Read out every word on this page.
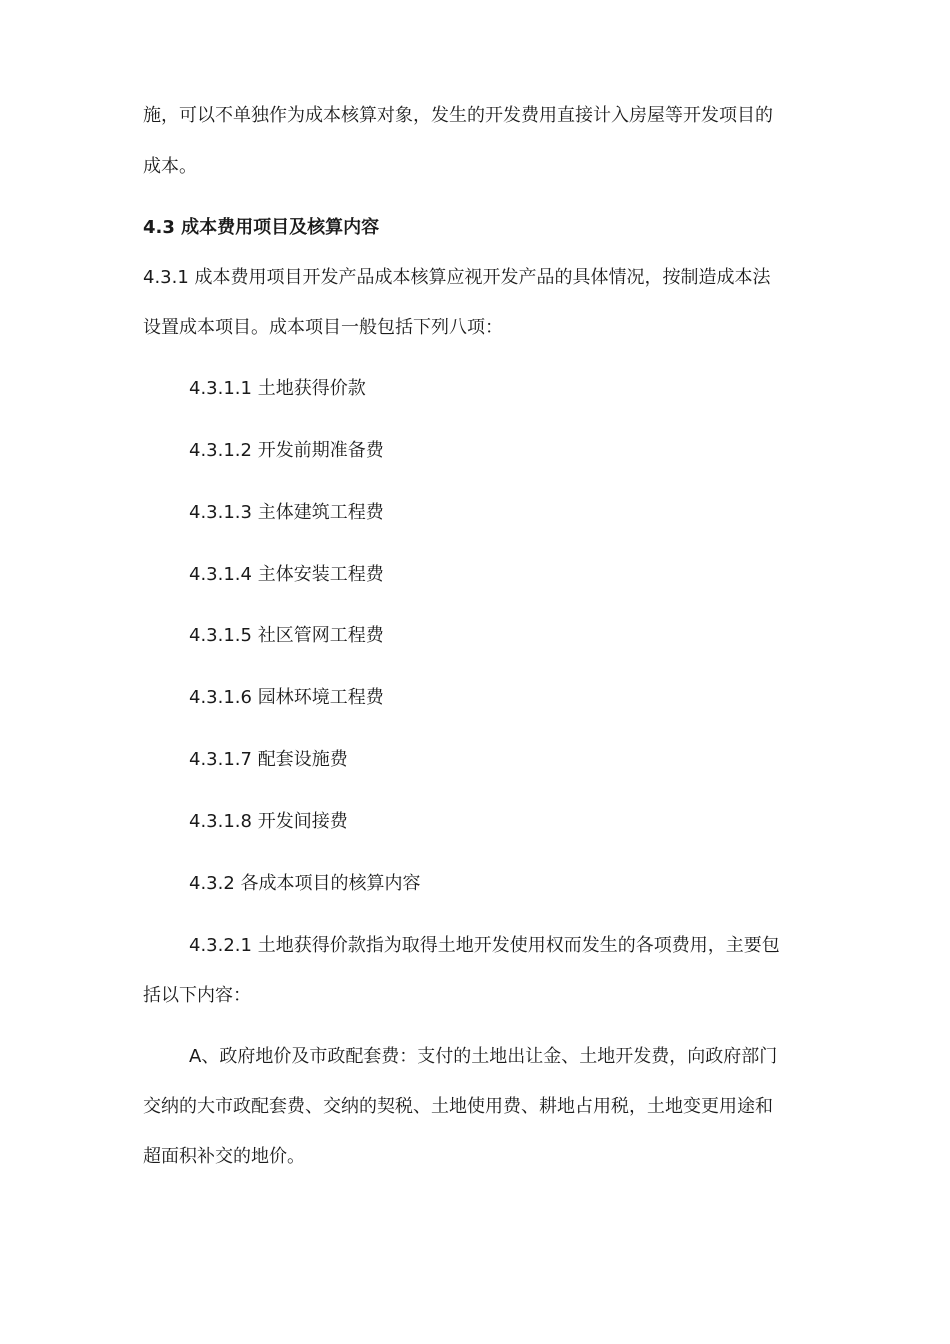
施，可以不单独作为成本核算对象，发生的开发费用直接计入房屋等开发项目的
成本。
4.3 成本费用项目及核算内容
4.3.1 成本费用项目开发产品成本核算应视开发产品的具体情况，按制造成本法
设置成本项目。成本项目一般包括下列八项：
4.3.1.1 土地获得价款
4.3.1.2 开发前期准备费
4.3.1.3 主体建筑工程费
4.3.1.4 主体安装工程费
4.3.1.5 社区管网工程费
4.3.1.6 园林环境工程费
4.3.1.7 配套设施费
4.3.1.8 开发间接费
4.3.2 各成本项目的核算内容
4.3.2.1 土地获得价款指为取得土地开发使用权而发生的各项费用，主要包
括以下内容：
A、政府地价及市政配套费：支付的土地出让金、土地开发费，向政府部门
交纳的大市政配套费、交纳的契税、土地使用费、耕地占用税，土地变更用途和
超面积补交的地价。
